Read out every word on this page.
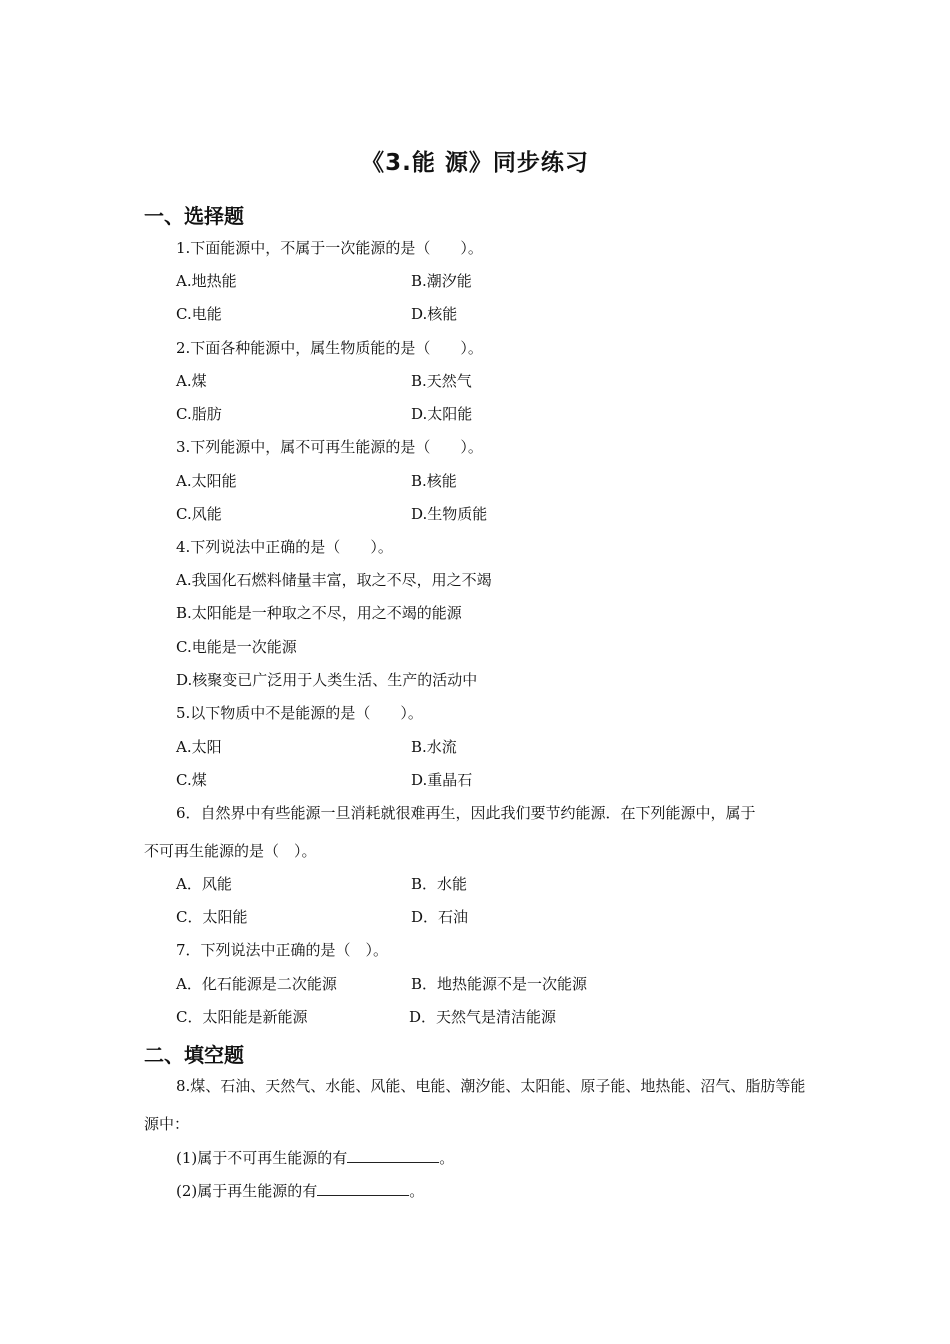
《3.能 源》同步练习
一、选择题
1.下面能源中，不属于一次能源的是（　　）。
A.地热能	B.潮汐能
C.电能	D.核能
2.下面各种能源中，属生物质能的是（　　）。
A.煤	B.天然气
C.脂肪	D.太阳能
3.下列能源中，属不可再生能源的是（　　）。
A.太阳能	B.核能
C.风能	D.生物质能
4.下列说法中正确的是（　　）。
A.我国化石燃料储量丰富，取之不尽，用之不竭
B.太阳能是一种取之不尽，用之不竭的能源
C.电能是一次能源
D.核聚变已广泛用于人类生活、生产的活动中
5.以下物质中不是能源的是（　　）。
A.太阳	B.水流
C.煤	D.重晶石
6．自然界中有些能源一旦消耗就很难再生，因此我们要节约能源．在下列能源中，属于
不可再生能源的是（　）。
A．风能	B．水能
C．太阳能	D．石油
7．下列说法中正确的是（　）。
A．化石能源是二次能源	B．地热能源不是一次能源
C．太阳能是新能源	D．天然气是清洁能源
二、填空题
8.煤、石油、天然气、水能、风能、电能、潮汐能、太阳能、原子能、地热能、沼气、脂肪等能
源中：
(1)属于不可再生能源的有	。
(2)属于再生能源的有	。
